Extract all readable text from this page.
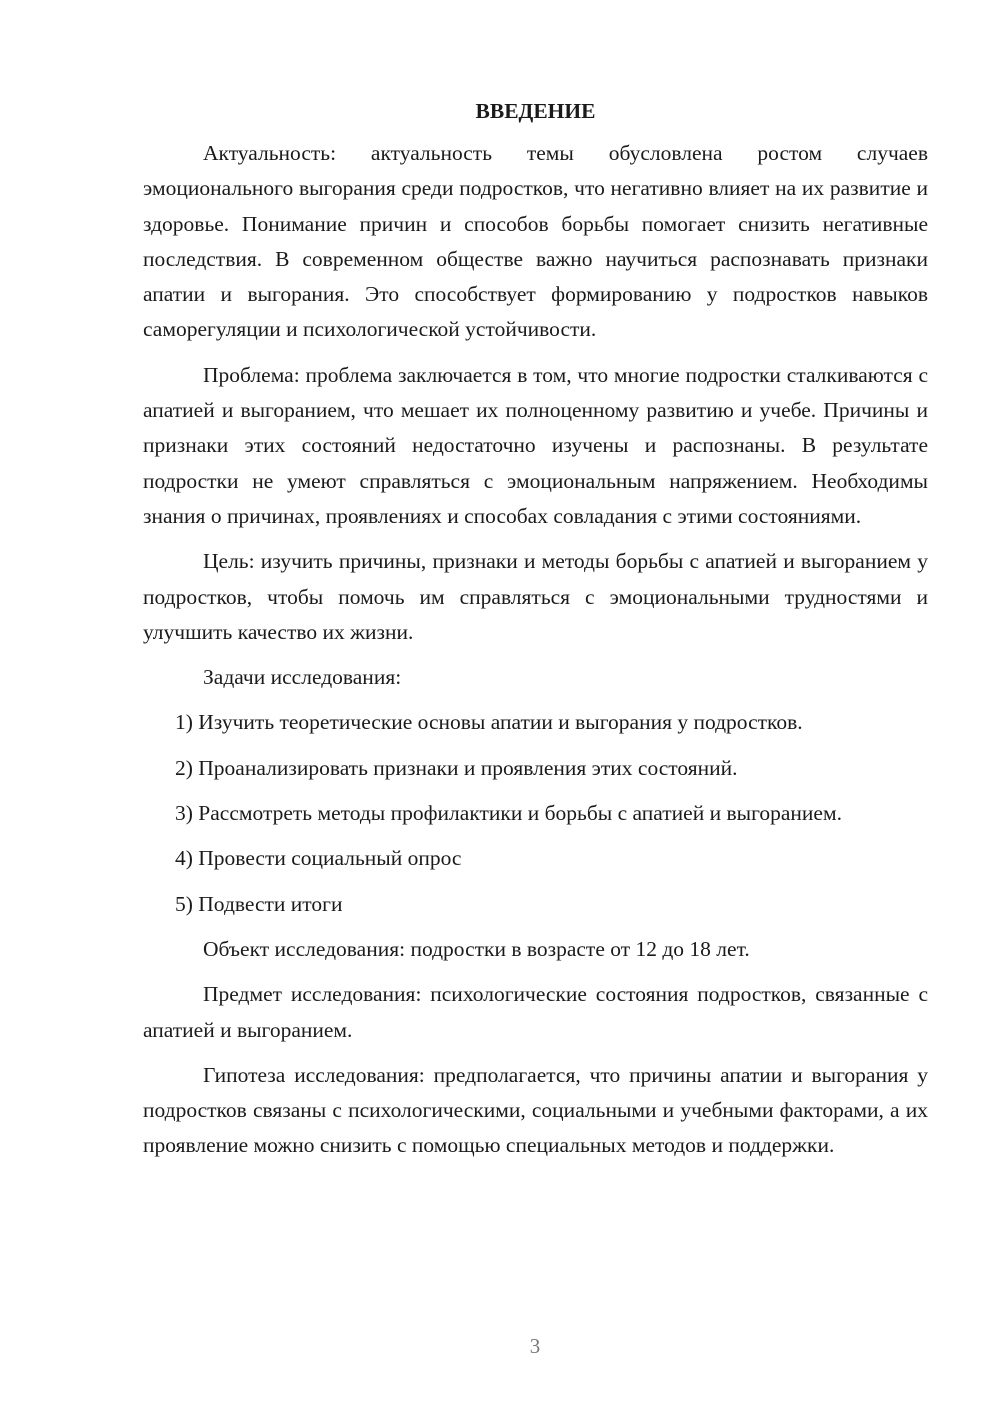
ВВЕДЕНИЕ

Актуальность: актуальность темы обусловлена ростом случаев эмоционального выгорания среди подростков, что негативно влияет на их развитие и здоровье. Понимание причин и способов борьбы помогает снизить негативные последствия. В современном обществе важно научиться распознавать признаки апатии и выгорания. Это способствует формированию у подростков навыков саморегуляции и психологической устойчивости.

Проблема: проблема заключается в том, что многие подростки сталкиваются с апатией и выгоранием, что мешает их полноценному развитию и учебе. Причины и признаки этих состояний недостаточно изучены и распознаны. В результате подростки не умеют справляться с эмоциональным напряжением. Необходимы знания о причинах, проявлениях и способах совладания с этими состояниями.

Цель: изучить причины, признаки и методы борьбы с апатией и выгоранием у подростков, чтобы помочь им справляться с эмоциональными трудностями и улучшить качество их жизни.

Задачи исследования:

1) Изучить теоретические основы апатии и выгорания у подростков.

2) Проанализировать признаки и проявления этих состояний.

3) Рассмотреть методы профилактики и борьбы с апатией и выгоранием.

4) Провести социальный опрос

5) Подвести итоги

Объект исследования: подростки в возрасте от 12 до 18 лет.

Предмет исследования: психологические состояния подростков, связанные с апатией и выгоранием.

Гипотеза исследования: предполагается, что причины апатии и выгорания у подростков связаны с психологическими, социальными и учебными факторами, а их проявление можно снизить с помощью специальных методов и поддержки.

3
